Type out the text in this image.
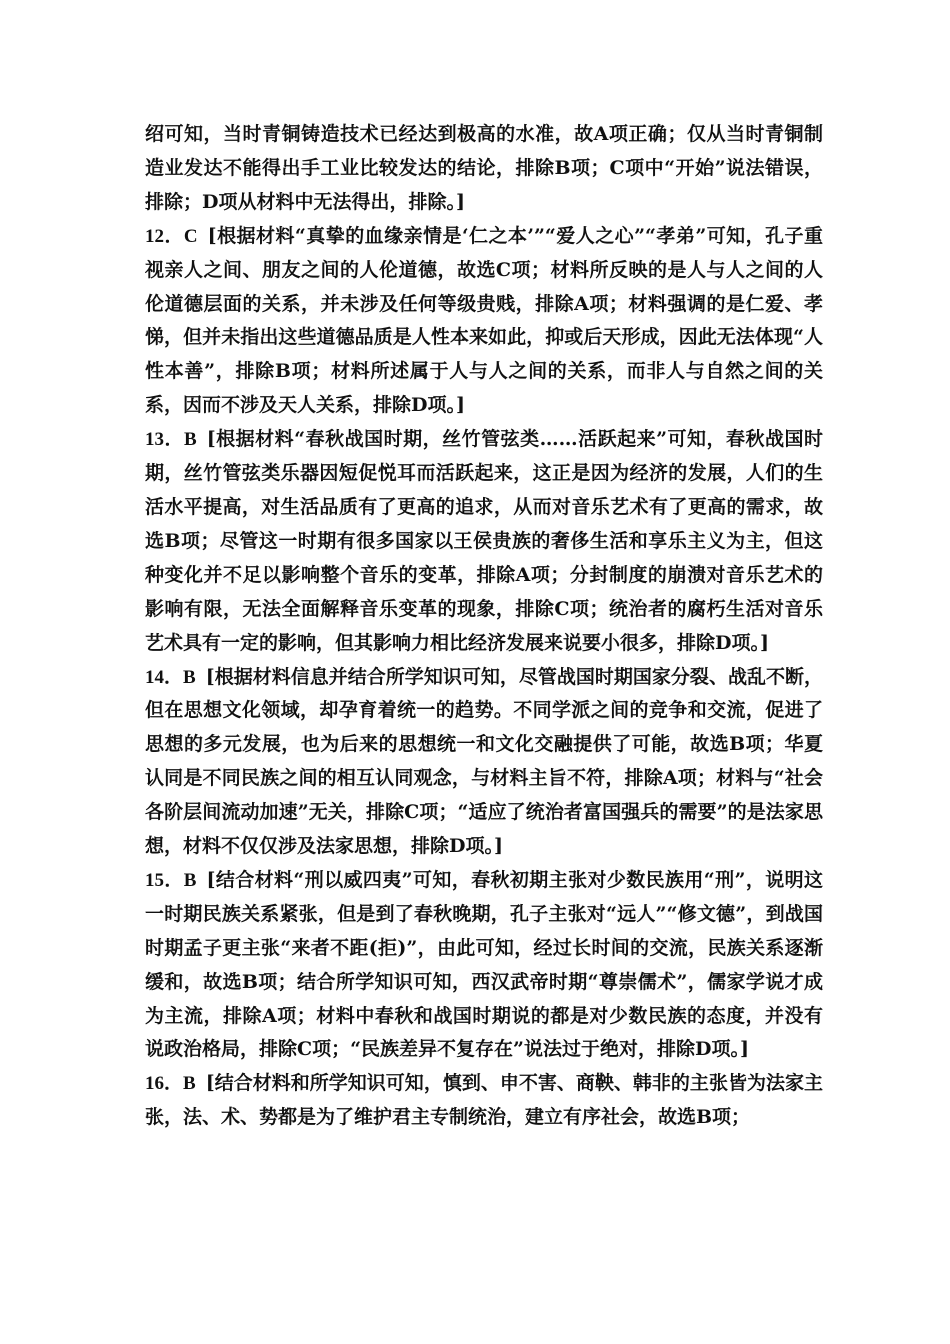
绍可知，当时青铜铸造技术已经达到极高的水准，故A项正确；仅从当时青铜制造业发达不能得出手工业比较发达的结论，排除B项；C项中“开始”说法错误，排除；D项从材料中无法得出，排除。]

12．C [根据材料“真挚的血缘亲情是‘仁之本’”“爱人之心”“孝弟”可知，孔子重视亲人之间、朋友之间的人伦道德，故选C项；材料所反映的是人与人之间的人伦道德层面的关系，并未涉及任何等级贵贱，排除A项；材料强调的是仁爱、孝悌，但并未指出这些道德品质是人性本来如此，抑或后天形成，因此无法体现“人性本善”，排除B项；材料所述属于人与人之间的关系，而非人与自然之间的关系，因而不涉及天人关系，排除D项。]

13．B [根据材料“春秋战国时期，丝竹管弦类……活跃起来”可知，春秋战国时期，丝竹管弦类乐器因短促悦耳而活跃起来，这正是因为经济的发展，人们的生活水平提高，对生活品质有了更高的追求，从而对音乐艺术有了更高的需求，故选B项；尽管这一时期有很多国家以王侯贵族的奢侈生活和享乐主义为主，但这种变化并不足以影响整个音乐的变革，排除A项；分封制度的崩溃对音乐艺术的影响有限，无法全面解释音乐变革的现象，排除C项；统治者的腐朽生活对音乐艺术具有一定的影响，但其影响力相比经济发展来说要小很多，排除D项。]

14．B [根据材料信息并结合所学知识可知，尽管战国时期国家分裂、战乱不断，但在思想文化领域，却孕育着统一的趋势。不同学派之间的竞争和交流，促进了思想的多元发展，也为后来的思想统一和文化交融提供了可能，故选B项；华夏认同是不同民族之间的相互认同观念，与材料主旨不符，排除A项；材料与“社会各阶层间流动加速”无关，排除C项；“适应了统治者富国强兵的需要”的是法家思想，材料不仅仅涉及法家思想，排除D项。]

15．B [结合材料“刑以威四夷”可知，春秋初期主张对少数民族用“刑”，说明这一时期民族关系紧张，但是到了春秋晚期，孔子主张对“远人”“修文德”，到战国时期孟子更主张“来者不距(拒)”，由此可知，经过长时间的交流，民族关系逐渐缓和，故选B项；结合所学知识可知，西汉武帝时期“尊崇儒术”，儒家学说才成为主流，排除A项；材料中春秋和战国时期说的都是对少数民族的态度，并没有说政治格局，排除C项；“民族差异不复存在”说法过于绝对，排除D项。]

16．B [结合材料和所学知识可知，慎到、申不害、商鞅、韩非的主张皆为法家主张，法、术、势都是为了维护君主专制统治，建立有序社会，故选B项；
